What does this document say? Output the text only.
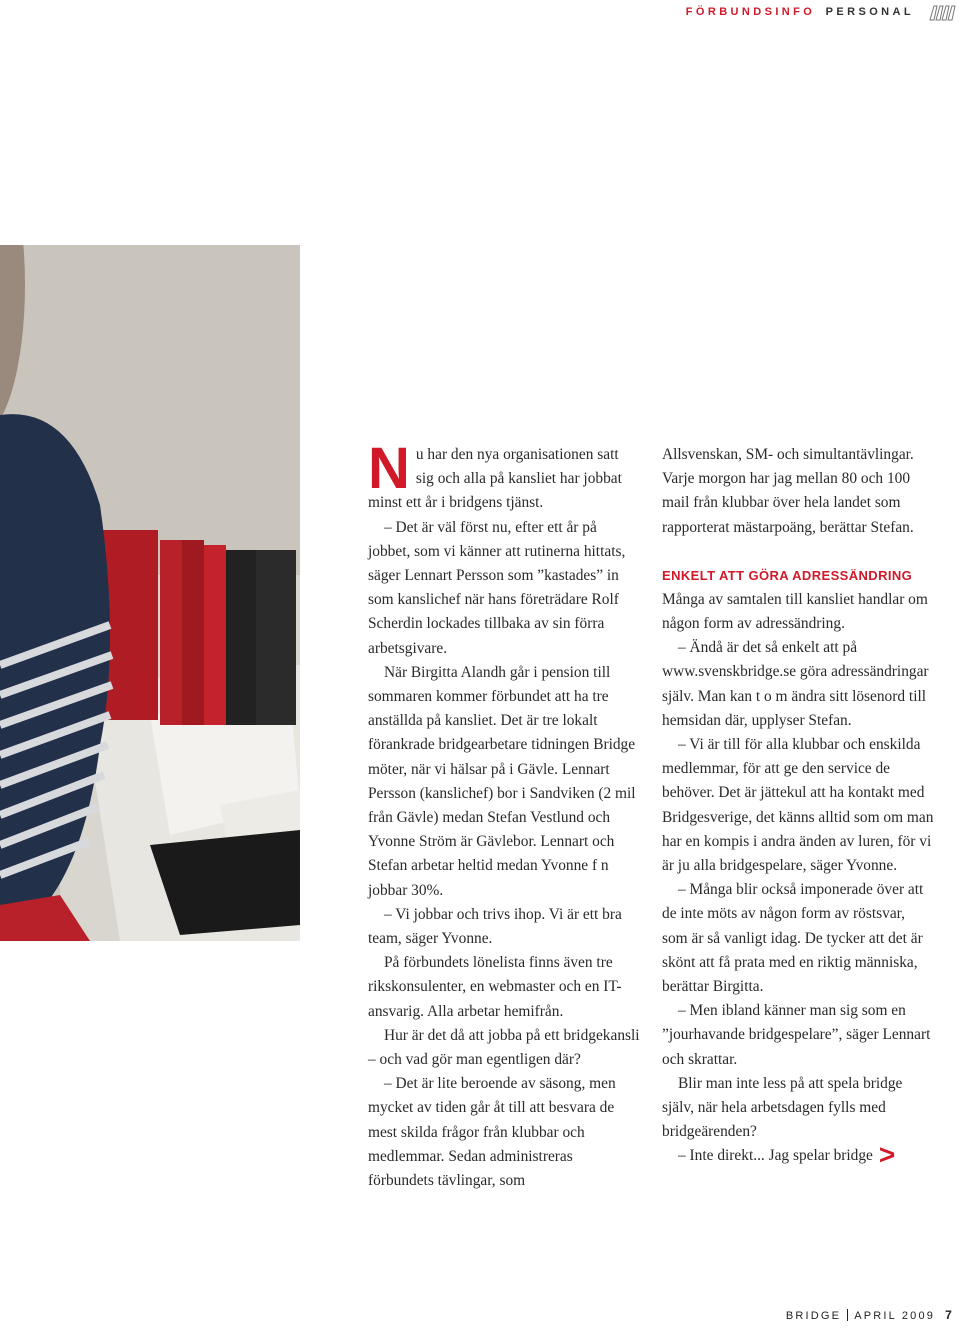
FÖRBUNDSINFO PERSONAL
N u har den nya organisationen satt sig och alla på kansliet har jobbat minst ett år i bridgens tjänst.

– Det är väl först nu, efter ett år på jobbet, som vi känner att rutinerna hittats, säger Lennart Persson som ”kastades” in som kanslichef när hans företrädare Rolf Scherdin lockades tillbaka av sin förra arbetsgivare.

När Birgitta Alandh går i pension till sommaren kommer förbundet att ha tre anställda på kansliet. Det är tre lokalt förankrade bridgearbetare tidningen Bridge möter, när vi hälsar på i Gävle. Lennart Persson (kanslichef) bor i Sandviken (2 mil från Gävle) medan Stefan Vestlund och Yvonne Ström är Gävlebor. Lennart och Stefan arbetar heltid medan Yvonne f n jobbar 30%.

– Vi jobbar och trivs ihop. Vi är ett bra team, säger Yvonne.

På förbundets lönelista finns även tre rikskonsulenter, en webmaster och en IT-ansvarig. Alla arbetar hemifrån.

Hur är det då att jobba på ett bridgekansli – och vad gör man egentligen där?

– Det är lite beroende av säsong, men mycket av tiden går åt till att besvara de mest skilda frågor från klubbar och medlemmar. Sedan administreras förbundets tävlingar, som

Allsvenskan, SM- och simultantävlingar. Varje morgon har jag mellan 80 och 100 mail från klubbar över hela landet som rapporterat mästarpoäng, berättar Stefan.

ENKELT ATT GÖRA ADRESSÄNDRING

Många av samtalen till kansliet handlar om någon form av adressändring.

– Ändå är det så enkelt att på www.svenskbridge.se göra adressändringar själv. Man kan t o m ändra sitt lösenord till hemsidan där, upplyser Stefan.

– Vi är till för alla klubbar och enskilda medlemmar, för att ge den service de behöver. Det är jättekul att ha kontakt med Bridgesverige, det känns alltid som om man har en kompis i andra änden av luren, för vi är ju alla bridgespelare, säger Yvonne.

– Många blir också imponerade över att de inte möts av någon form av röstsvar, som är så vanligt idag. De tycker att det är skönt att få prata med en riktig människa, berättar Birgitta.

– Men ibland känner man sig som en ”jourhavande bridgespelare”, säger Lennart och skrattar.

Blir man inte less på att spela bridge själv, när hela arbetsdagen fylls med bridgeärenden?

– Inte direkt... Jag spelar bridge >

BRIDGE APRIL 2009 7
